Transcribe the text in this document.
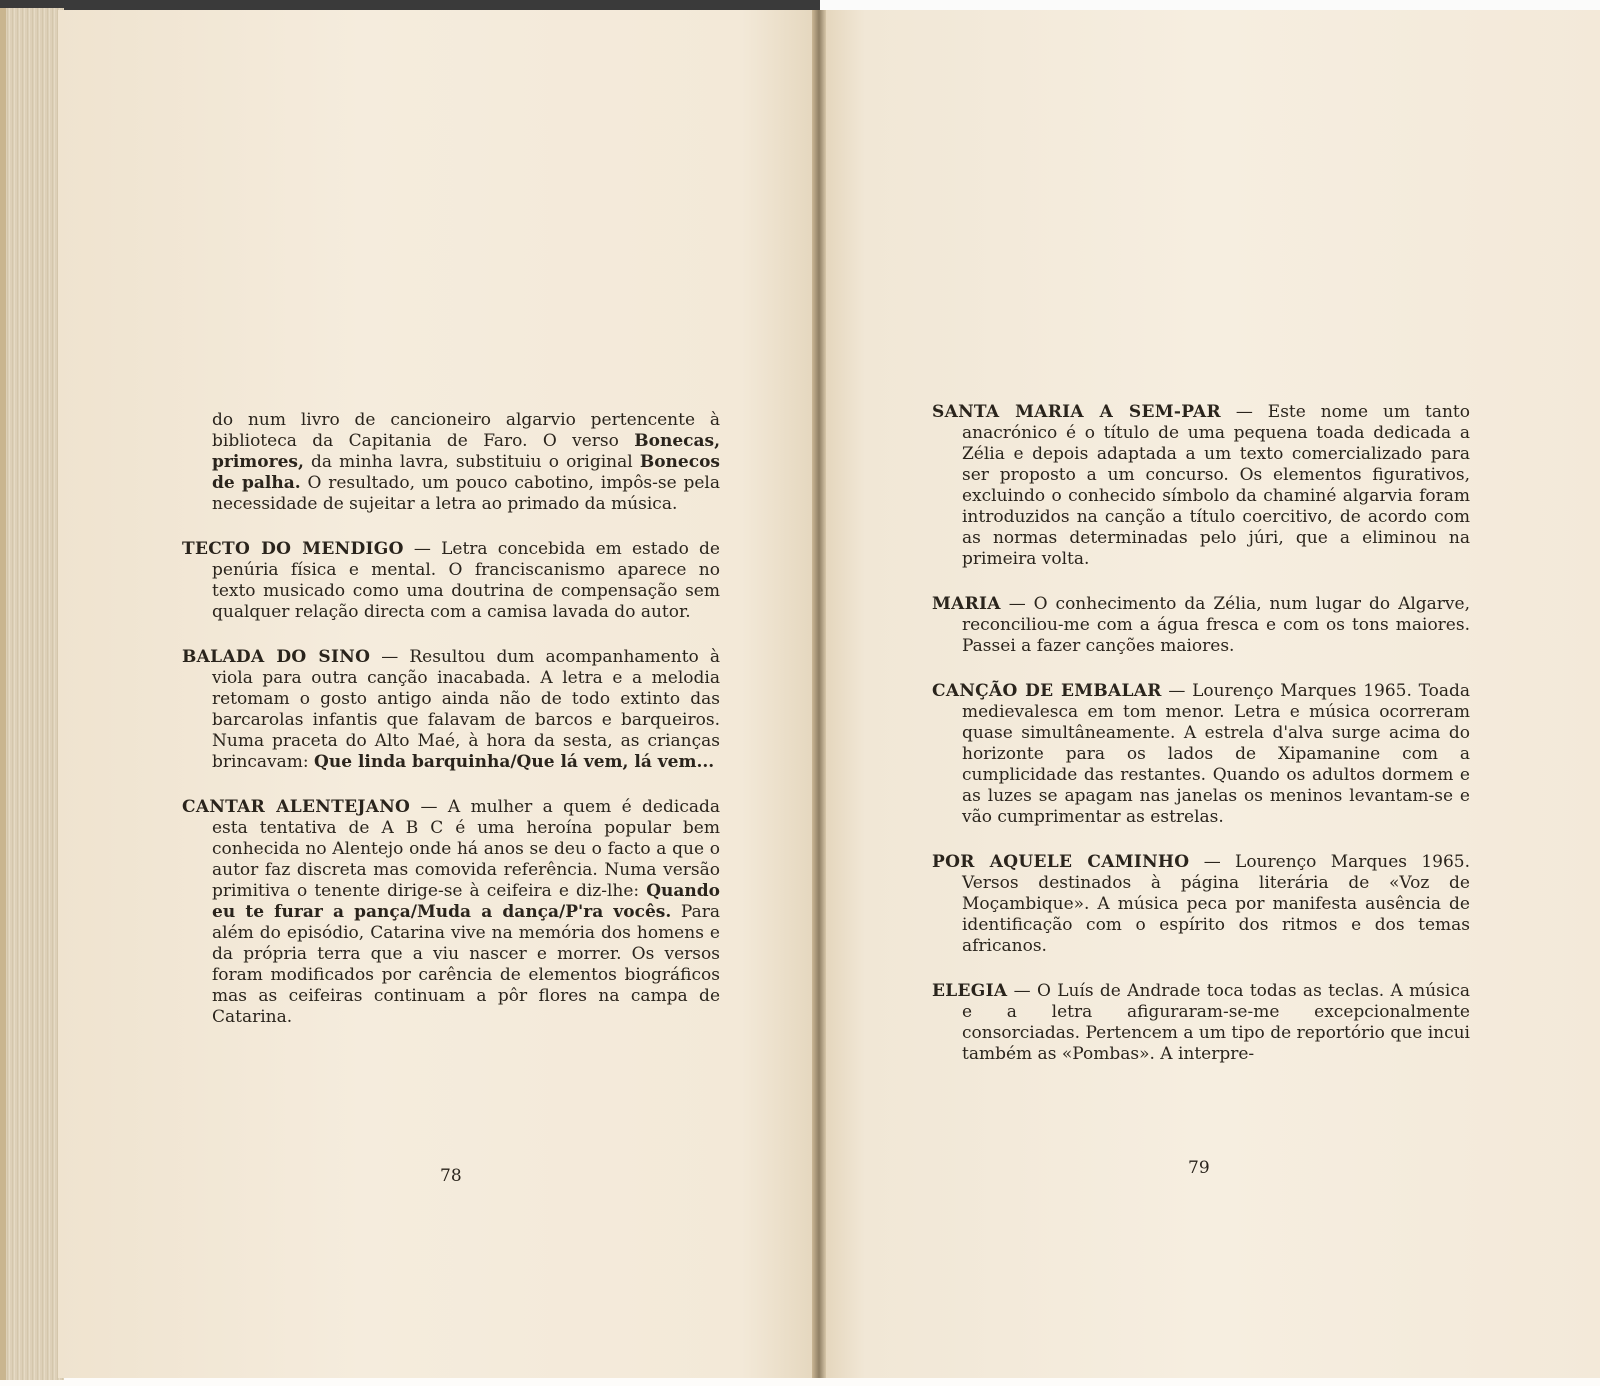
do num livro de cancioneiro algarvio pertencente à biblioteca da Capitania de Faro. O verso Bonecas, primores, da minha lavra, substituiu o original Bonecos de palha. O resultado, um pouco cabotino, impôs-se pela necessidade de sujeitar a letra ao primado da música.

TECTO DO MENDIGO — Letra concebida em estado de penúria física e mental. O franciscanismo aparece no texto musicado como uma doutrina de compensação sem qualquer relação directa com a camisa lavada do autor.

BALADA DO SINO — Resultou dum acompanhamento à viola para outra canção inacabada. A letra e a melodia retomam o gosto antigo ainda não de todo extinto das barcarolas infantis que falavam de barcos e barqueiros. Numa praceta do Alto Maé, à hora da sesta, as crianças brincavam: Que linda barquinha/Que lá vem, lá vem...

CANTAR ALENTEJANO — A mulher a quem é dedicada esta tentativa de A B C é uma heroína popular bem conhecida no Alentejo onde há anos se deu o facto a que o autor faz discreta mas comovida referência. Numa versão primitiva o tenente dirige-se à ceifeira e diz-lhe: Quando eu te furar a pança/Muda a dança/P'ra vocês. Para além do episódio, Catarina vive na memória dos homens e da própria terra que a viu nascer e morrer. Os versos foram modificados por carência de elementos biográficos mas as ceifeiras continuam a pôr flores na campa de Catarina.

78

SANTA MARIA A SEM-PAR — Este nome um tanto anacrónico é o título de uma pequena toada dedicada a Zélia e depois adaptada a um texto comercializado para ser proposto a um concurso. Os elementos figurativos, excluindo o conhecido símbolo da chaminé algarvia foram introduzidos na canção a título coercitivo, de acordo com as normas determinadas pelo júri, que a eliminou na primeira volta.

MARIA — O conhecimento da Zélia, num lugar do Algarve, reconciliou-me com a água fresca e com os tons maiores. Passei a fazer canções maiores.

CANÇÃO DE EMBALAR — Lourenço Marques 1965. Toada medievalesca em tom menor. Letra e música ocorreram quase simultâneamente. A estrela d'alva surge acima do horizonte para os lados de Xipamanine com a cumplicidade das restantes. Quando os adultos dormem e as luzes se apagam nas janelas os meninos levantam-se e vão cumprimentar as estrelas.

POR AQUELE CAMINHO — Lourenço Marques 1965. Versos destinados à página literária de «Voz de Moçambique». A música peca por manifesta ausência de identificação com o espírito dos ritmos e dos temas africanos.

ELEGIA — O Luís de Andrade toca todas as teclas. A música e a letra afiguraram-se-me excepcionalmente consorciadas. Pertencem a um tipo de reportório que incui também as «Pombas». A interpre-

79
